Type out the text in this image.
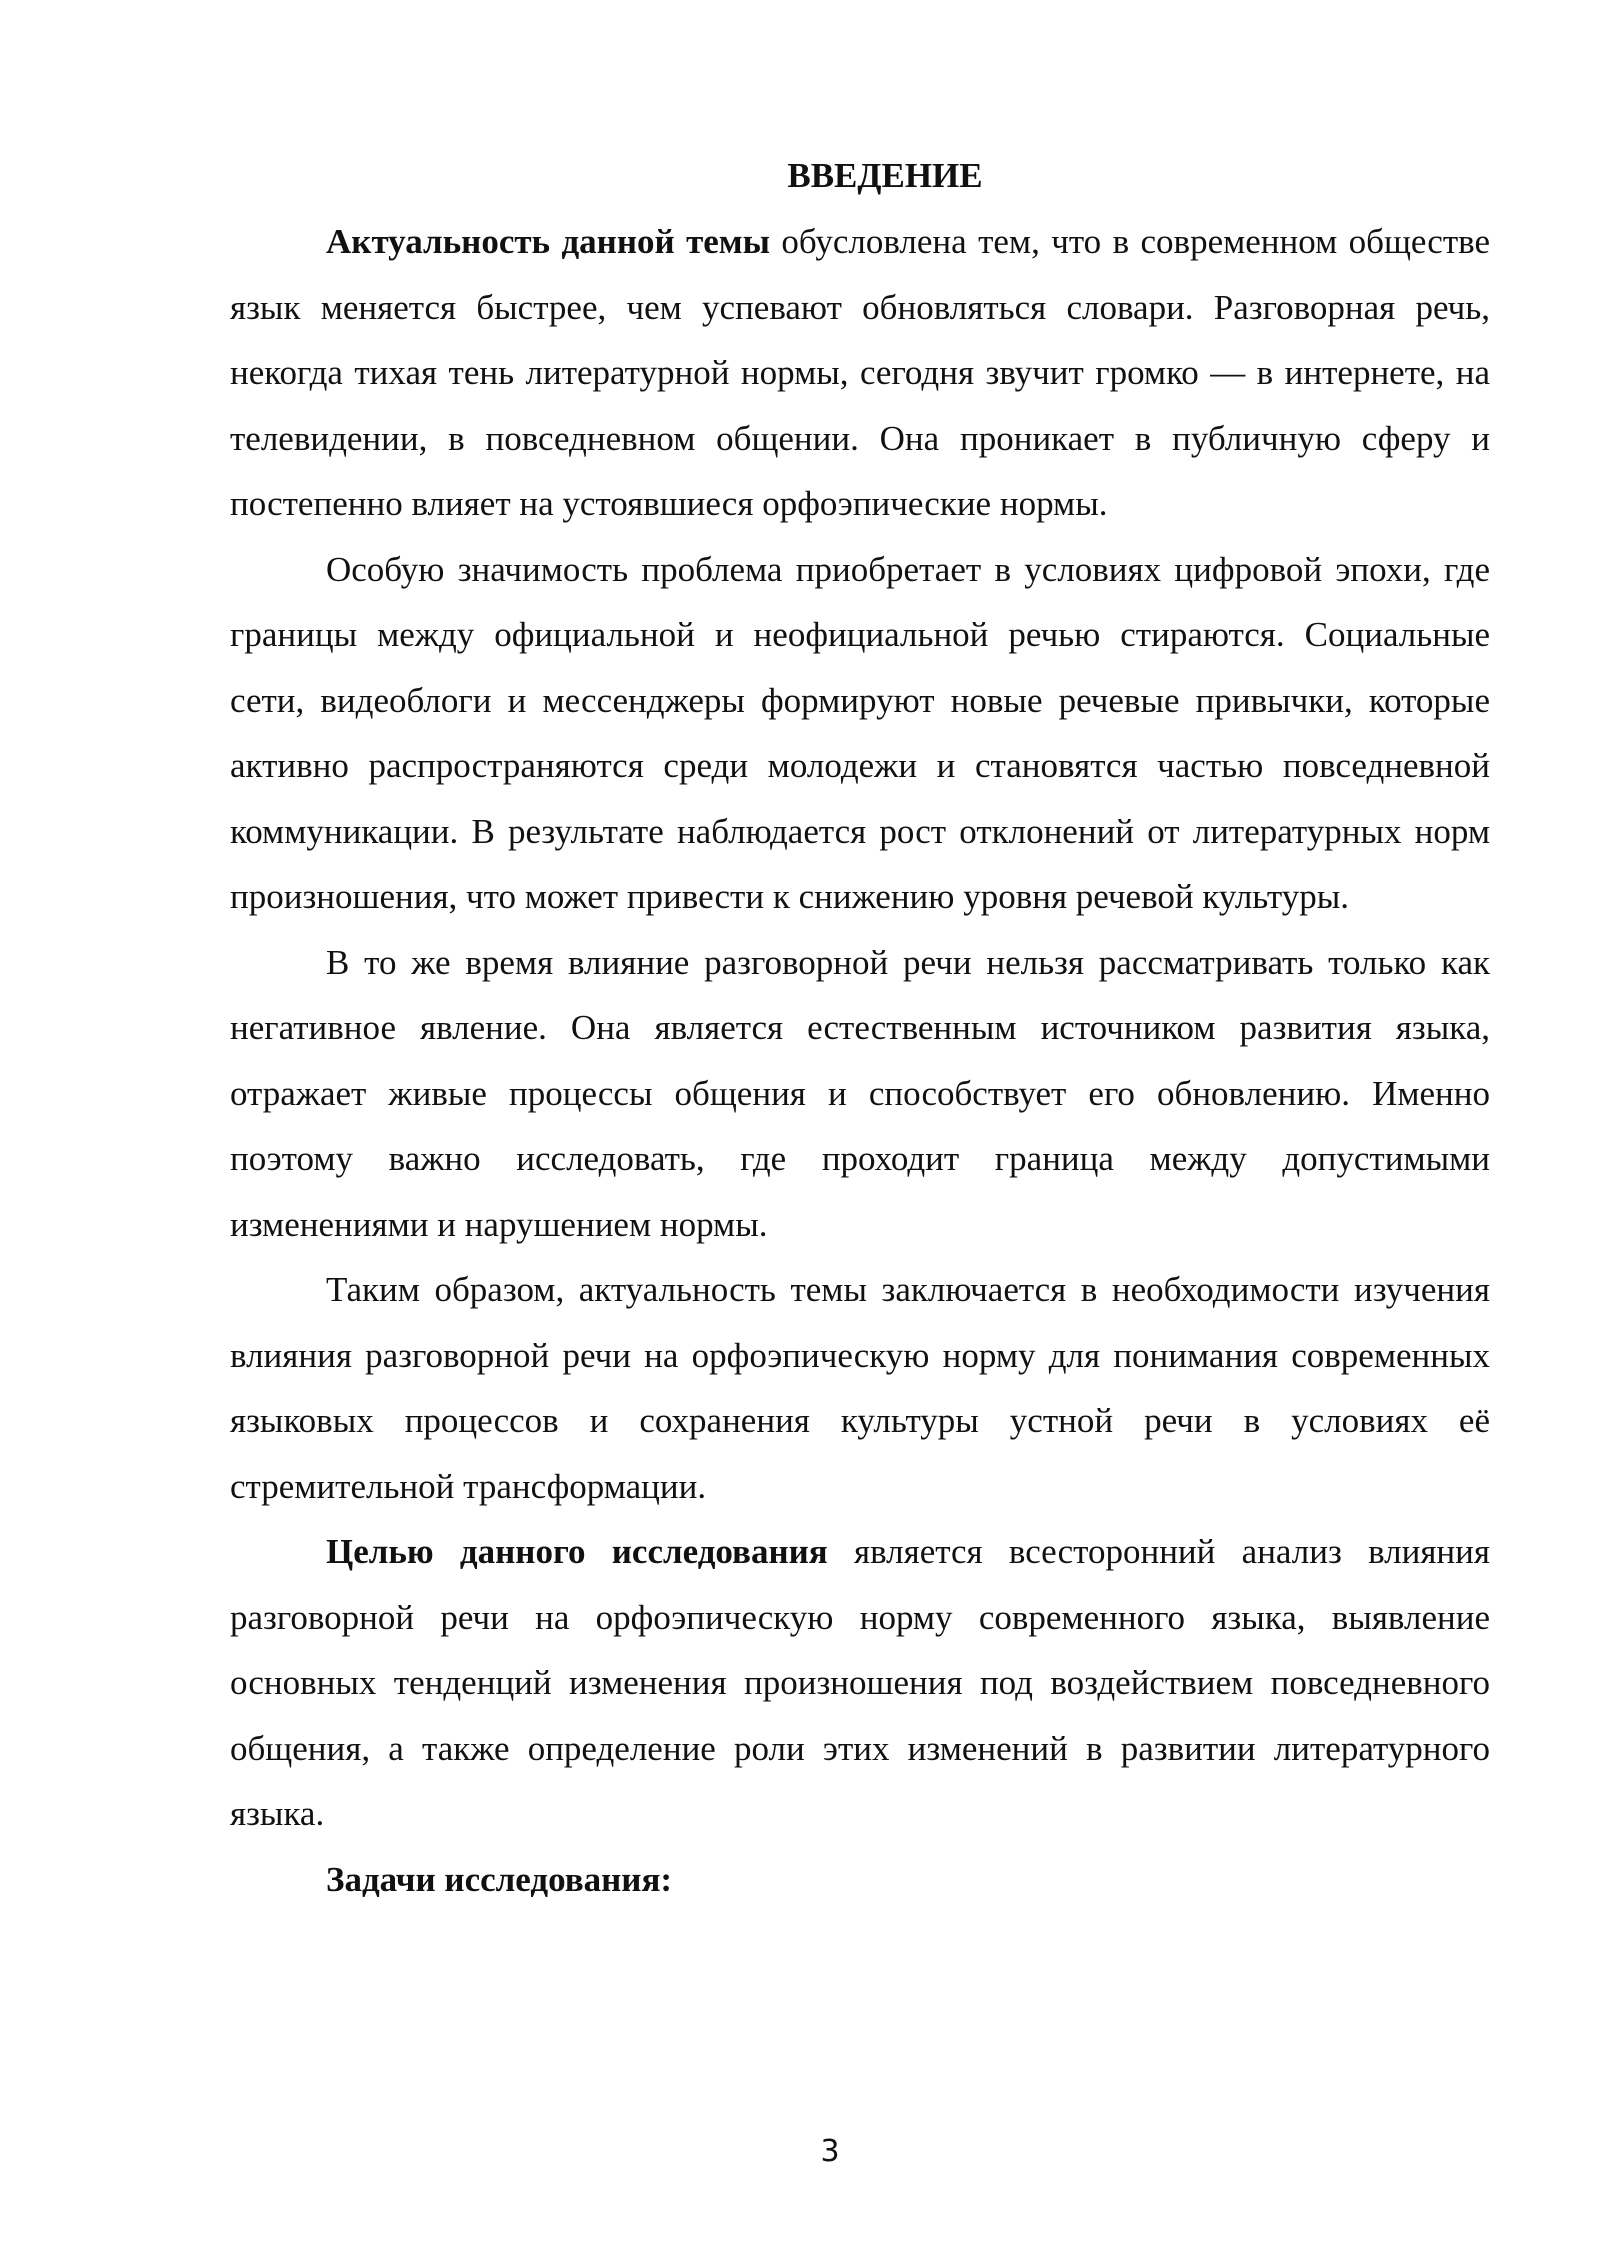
ВВЕДЕНИЕ

Актуальность данной темы обусловлена тем, что в современном обществе язык меняется быстрее, чем успевают обновляться словари. Разговорная речь, некогда тихая тень литературной нормы, сегодня звучит громко — в интернете, на телевидении, в повседневном общении. Она проникает в публичную сферу и постепенно влияет на устоявшиеся орфоэпические нормы.

Особую значимость проблема приобретает в условиях цифровой эпохи, где границы между официальной и неофициальной речью стираются. Социальные сети, видеоблоги и мессенджеры формируют новые речевые привычки, которые активно распространяются среди молодежи и становятся частью повседневной коммуникации. В результате наблюдается рост отклонений от литературных норм произношения, что может привести к снижению уровня речевой культуры.

В то же время влияние разговорной речи нельзя рассматривать только как негативное явление. Она является естественным источником развития языка, отражает живые процессы общения и способствует его обновлению. Именно поэтому важно исследовать, где проходит граница между допустимыми изменениями и нарушением нормы.

Таким образом, актуальность темы заключается в необходимости изучения влияния разговорной речи на орфоэпическую норму для понимания современных языковых процессов и сохранения культуры устной речи в условиях её стремительной трансформации.

Целью данного исследования является всесторонний анализ влияния разговорной речи на орфоэпическую норму современного языка, выявление основных тенденций изменения произношения под воздействием повседневного общения, а также определение роли этих изменений в развитии литературного языка.

Задачи исследования:

3
